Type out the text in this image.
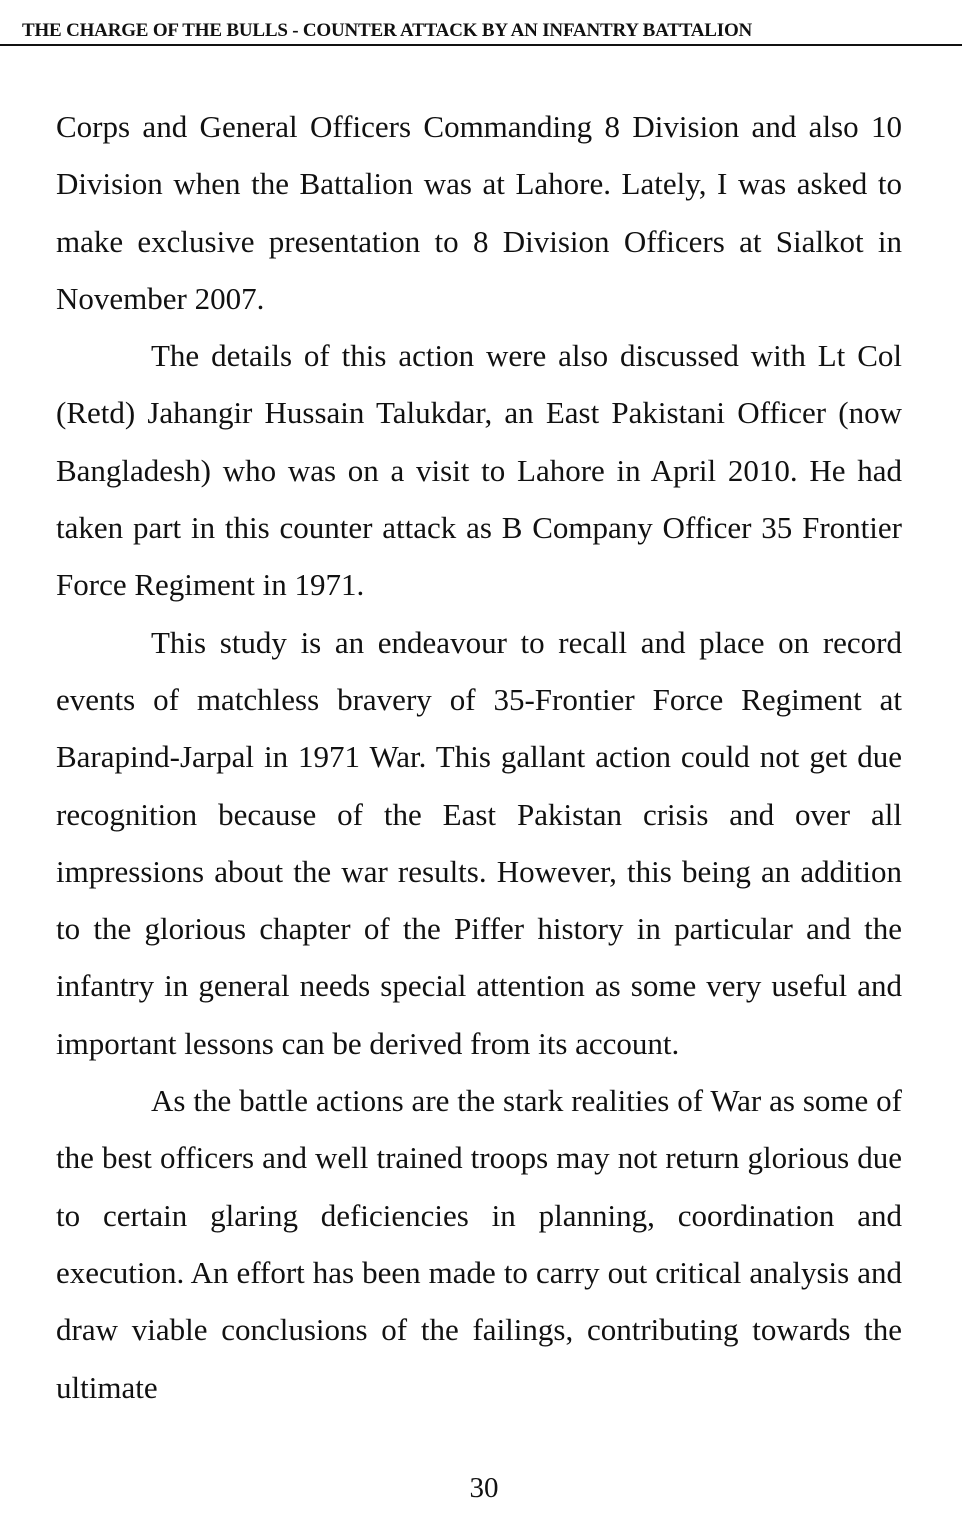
THE CHARGE OF THE BULLS - COUNTER ATTACK BY AN INFANTRY BATTALION

Corps and General Officers Commanding 8 Division and also 10 Division when the Battalion was at Lahore. Lately, I was asked to make exclusive presentation to 8 Division Officers at Sialkot in November 2007.

The details of this action were also discussed with Lt Col (Retd) Jahangir Hussain Talukdar, an East Pakistani Officer (now Bangladesh) who was on a visit to Lahore in April 2010. He had taken part in this counter attack as B Company Officer 35 Frontier Force Regiment in 1971.

This study is an endeavour to recall and place on record events of matchless bravery of 35-Frontier Force Regiment at Barapind-Jarpal in 1971 War. This gallant action could not get due recognition because of the East Pakistan crisis and over all impressions about the war results. However, this being an addition to the glorious chapter of the Piffer history in particular and the infantry in general needs special attention as some very useful and important lessons can be derived from its account.

As the battle actions are the stark realities of War as some of the best officers and well trained troops may not return glorious due to certain glaring deficiencies in planning, coordination and execution. An effort has been made to carry out critical analysis and draw viable conclusions of the failings, contributing towards the ultimate

30
